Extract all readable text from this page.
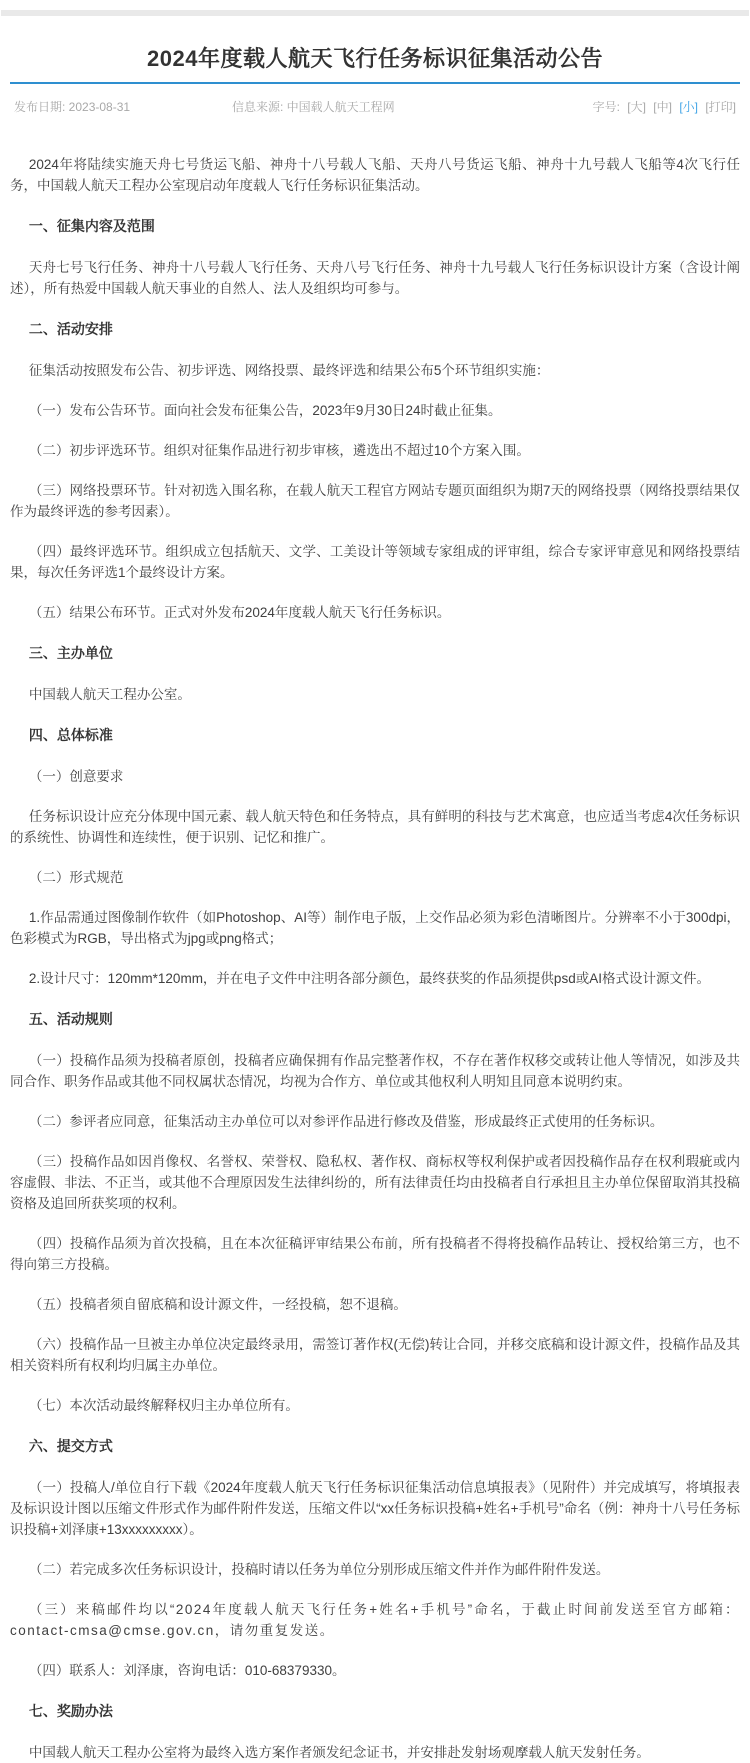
2024年度载人航天飞行任务标识征集活动公告
发布日期: 2023-08-31	信息来源: 中国载人航天工程网	字号: [大] [中] [小] [打印]

2024年将陆续实施天舟七号货运飞船、神舟十八号载人飞船、天舟八号货运飞船、神舟十九号载人飞船等4次飞行任务，中国载人航天工程办公室现启动年度载人飞行任务标识征集活动。

一、征集内容及范围

天舟七号飞行任务、神舟十八号载人飞行任务、天舟八号飞行任务、神舟十九号载人飞行任务标识设计方案（含设计阐述），所有热爱中国载人航天事业的自然人、法人及组织均可参与。

二、活动安排

征集活动按照发布公告、初步评选、网络投票、最终评选和结果公布5个环节组织实施：

（一）发布公告环节。面向社会发布征集公告，2023年9月30日24时截止征集。

（二）初步评选环节。组织对征集作品进行初步审核，遴选出不超过10个方案入围。

（三）网络投票环节。针对初选入围名称，在载人航天工程官方网站专题页面组织为期7天的网络投票（网络投票结果仅作为最终评选的参考因素）。

（四）最终评选环节。组织成立包括航天、文学、工美设计等领域专家组成的评审组，综合专家评审意见和网络投票结果，每次任务评选1个最终设计方案。

（五）结果公布环节。正式对外发布2024年度载人航天飞行任务标识。

三、主办单位

中国载人航天工程办公室。

四、总体标准

（一）创意要求

任务标识设计应充分体现中国元素、载人航天特色和任务特点，具有鲜明的科技与艺术寓意，也应适当考虑4次任务标识的系统性、协调性和连续性，便于识别、记忆和推广。

（二）形式规范

1.作品需通过图像制作软件（如Photoshop、AI等）制作电子版，上交作品必须为彩色清晰图片。分辨率不小于300dpi，色彩模式为RGB，导出格式为jpg或png格式；

2.设计尺寸：120mm*120mm，并在电子文件中注明各部分颜色，最终获奖的作品须提供psd或AI格式设计源文件。

五、活动规则

（一）投稿作品须为投稿者原创，投稿者应确保拥有作品完整著作权，不存在著作权移交或转让他人等情况，如涉及共同合作、职务作品或其他不同权属状态情况，均视为合作方、单位或其他权利人明知且同意本说明约束。

（二）参评者应同意，征集活动主办单位可以对参评作品进行修改及借鉴，形成最终正式使用的任务标识。

（三）投稿作品如因肖像权、名誉权、荣誉权、隐私权、著作权、商标权等权利保护或者因投稿作品存在权利瑕疵或内容虚假、非法、不正当，或其他不合理原因发生法律纠纷的，所有法律责任均由投稿者自行承担且主办单位保留取消其投稿资格及追回所获奖项的权利。

（四）投稿作品须为首次投稿，且在本次征稿评审结果公布前，所有投稿者不得将投稿作品转让、授权给第三方，也不得向第三方投稿。

（五）投稿者须自留底稿和设计源文件，一经投稿，恕不退稿。

（六）投稿作品一旦被主办单位决定最终录用，需签订著作权(无偿)转让合同，并移交底稿和设计源文件，投稿作品及其相关资料所有权利均归属主办单位。

（七）本次活动最终解释权归主办单位所有。

六、提交方式

（一）投稿人/单位自行下载《2024年度载人航天飞行任务标识征集活动信息填报表》（见附件）并完成填写，将填报表及标识设计图以压缩文件形式作为邮件附件发送，压缩文件以“xx任务标识投稿+姓名+手机号”命名（例：神舟十八号任务标识投稿+刘泽康+13xxxxxxxxx）。

（二）若完成多次任务标识设计，投稿时请以任务为单位分别形成压缩文件并作为邮件附件发送。

（三）来稿邮件均以“2024年度载人航天飞行任务+姓名+手机号”命名，于截止时间前发送至官方邮箱：contact-cmsa@cmse.gov.cn，请勿重复发送。

（四）联系人：刘泽康，咨询电话：010-68379330。

七、奖励办法

中国载人航天工程办公室将为最终入选方案作者颁发纪念证书，并安排赴发射场观摩载人航天发射任务。
